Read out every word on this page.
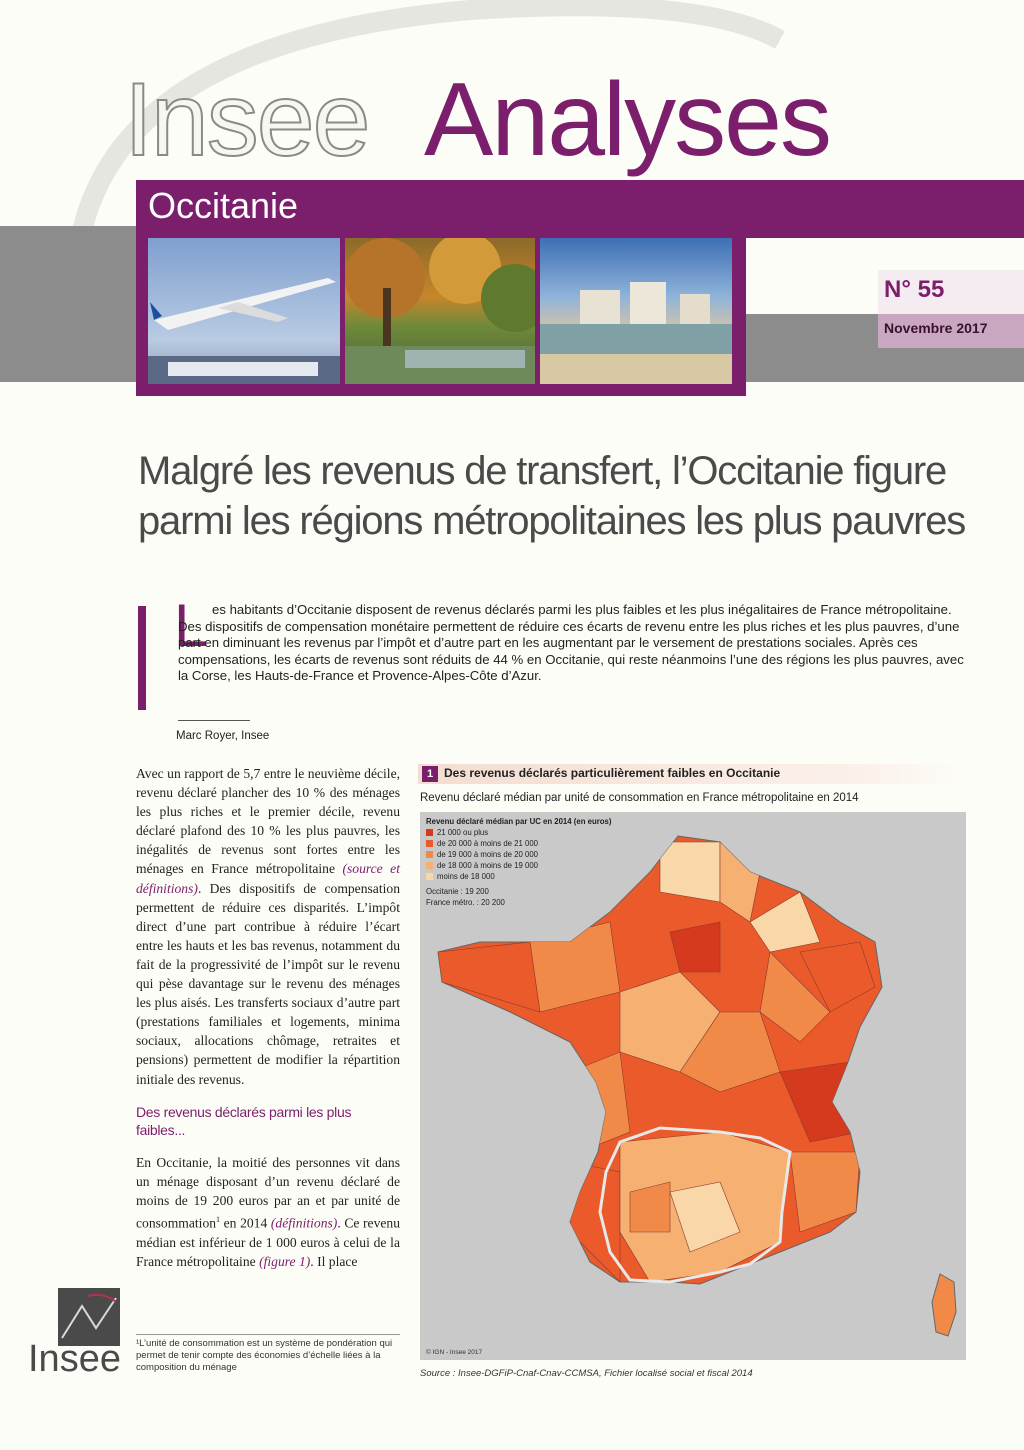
Insee Analyses
Occitanie
N° 55
Novembre 2017
Malgré les revenus de transfert, l’Occitanie figure parmi les régions métropolitaines les plus pauvres
L es habitants d’Occitanie disposent de revenus déclarés parmi les plus faibles et les plus inégalitaires de France métropolitaine. Des dispositifs de compensation monétaire permettent de réduire ces écarts de revenu entre les plus riches et les plus pauvres, d’une part en diminuant les revenus par l’impôt et d’autre part en les augmentant par le versement de prestations sociales. Après ces compensations, les écarts de revenus sont réduits de 44 % en Occitanie, qui reste néanmoins l’une des régions les plus pauvres, avec la Corse, les Hauts-de-France et Provence-Alpes-Côte d’Azur.
Marc Royer, Insee

Avec un rapport de 5,7 entre le neuvième décile, revenu déclaré plancher des 10 % des ménages les plus riches et le premier décile, revenu déclaré plafond des 10 % les plus pauvres, les inégalités de revenus sont fortes entre les ménages en France métropolitaine (source et définitions). Des dispositifs de compensation permettent de réduire ces disparités. L’impôt direct d’une part contribue à réduire l’écart entre les hauts et les bas revenus, notamment du fait de la progressivité de l’impôt sur le revenu qui pèse davantage sur le revenu des ménages les plus aisés. Les transferts sociaux d’autre part (prestations familiales et logements, minima sociaux, allocations chômage, retraites et pensions) permettent de modifier la répartition initiale des revenus.

Des revenus déclarés parmi les plus faibles...

En Occitanie, la moitié des personnes vit dans un ménage disposant d’un revenu déclaré de moins de 19 200 euros par an et par unité de consommation$^1$ en 2014 (définitions). Ce revenu médian est inférieur de 1 000 euros à celui de la France métropolitaine (figure 1). Il place

¹L’unité de consommation est un système de pondération qui permet de tenir compte des économies d’échelle liées à la composition du ménage
Insee
1 Des revenus déclarés particulièrement faibles en Occitanie
Revenu déclaré médian par unité de consommation en France métropolitaine en 2014
Revenu déclaré médian par UC en 2014 (en euros)
21 000 ou plus
de 20 000 à moins de 21 000
de 19 000 à moins de 20 000
de 18 000 à moins de 19 000
moins de 18 000
Occitanie : 19 200
France métro. : 20 200
© IGN - Insee 2017
Source : Insee-DGFiP-Cnaf-Cnav-CCMSA, Fichier localisé social et fiscal 2014
